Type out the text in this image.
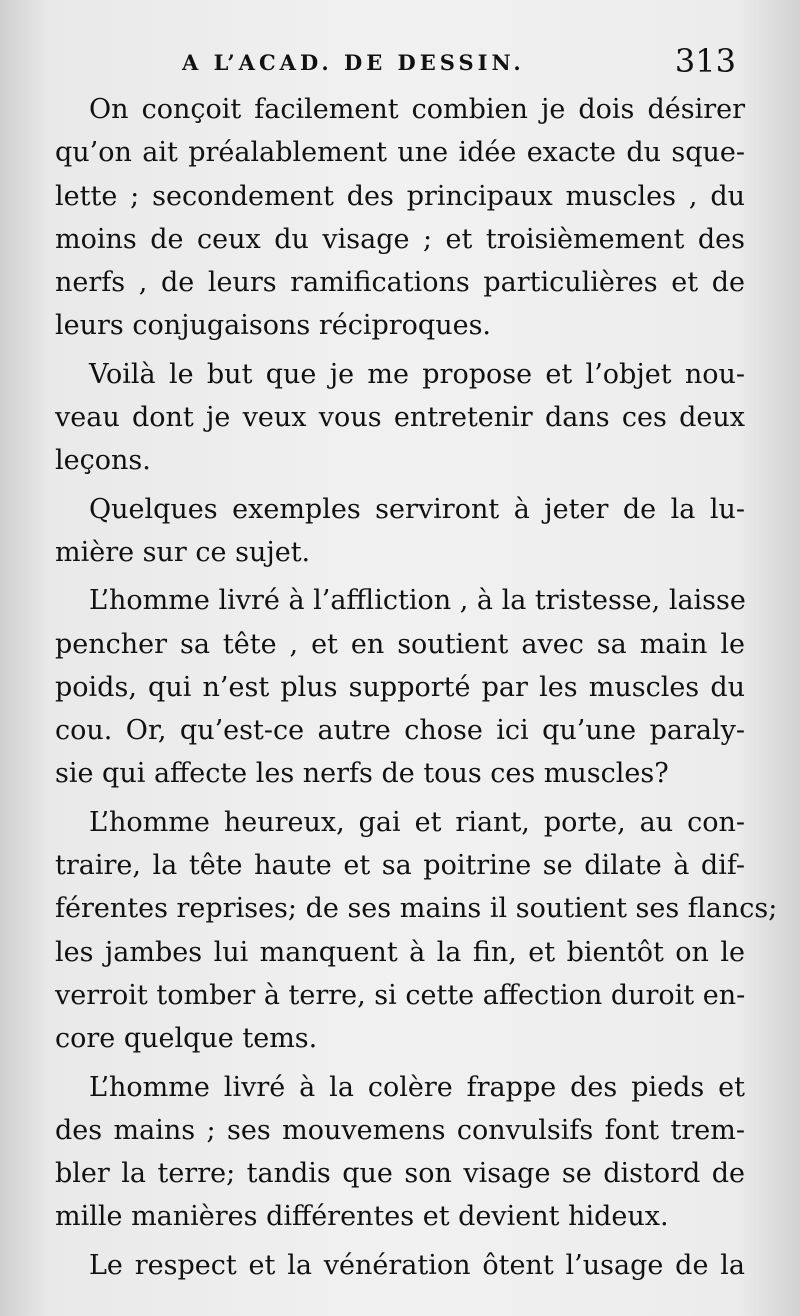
A L’ACAD. DE DESSIN.	313
On conçoit facilement combien je dois désirer
qu’on ait préalablement une idée exacte du sque-
lette ; secondement des principaux muscles , du
moins de ceux du visage ; et troisièmement des
nerfs , de leurs ramifications particulières et de
leurs conjugaisons réciproques.
Voilà le but que je me propose et l’objet nou-
veau dont je veux vous entretenir dans ces deux
leçons.
Quelques exemples serviront à jeter de la lu-
mière sur ce sujet.
L’homme livré à l’affliction , à la tristesse, laisse
pencher sa tête , et en soutient avec sa main le
poids, qui n’est plus supporté par les muscles du
cou. Or, qu’est-ce autre chose ici qu’une paraly-
sie qui affecte les nerfs de tous ces muscles?
L’homme heureux, gai et riant, porte, au con-
traire, la tête haute et sa poitrine se dilate à dif-
férentes reprises; de ses mains il soutient ses flancs;
les jambes lui manquent à la fin, et bientôt on le
verroit tomber à terre, si cette affection duroit en-
core quelque tems.
L’homme livré à la colère frappe des pieds et
des mains ; ses mouvemens convulsifs font trem-
bler la terre; tandis que son visage se distord de
mille manières différentes et devient hideux.
Le respect et la vénération ôtent l’usage de la
